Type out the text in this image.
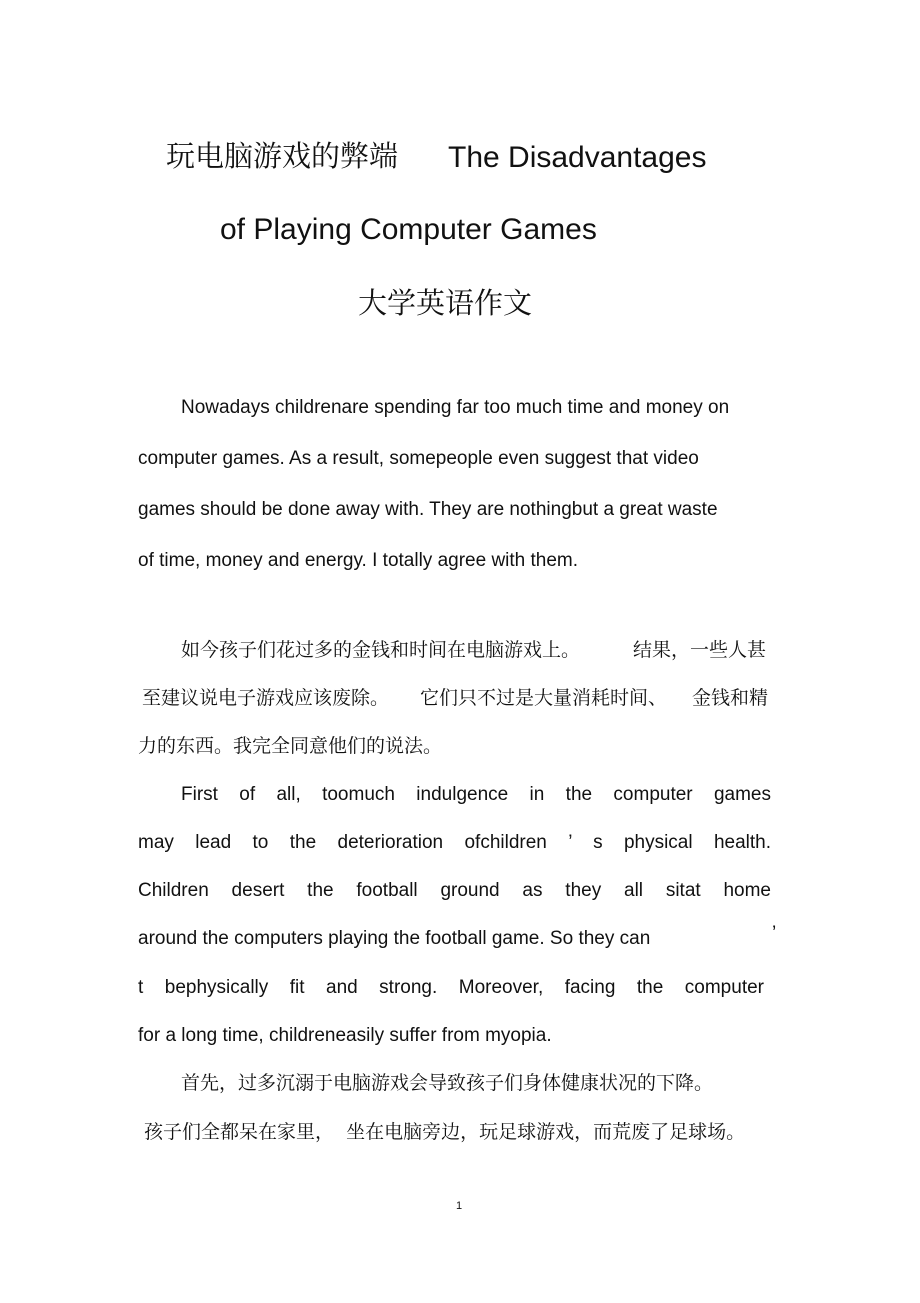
玩电脑游戏的弊端 The Disadvantages
of Playing Computer Games
大学英语作文
Nowadays childrenare spending far too much time and money on
computer games. As a result, somepeople even suggest that video
games should be done away with. They are nothingbut a great waste
of time, money and energy. I totally agree with them.
如今孩子们花过多的金钱和时间在电脑游戏上。	结果，一些人甚
至建议说电子游戏应该废除。 它们只不过是大量消耗时间、 金钱和精
力的东西。我完全同意他们的说法。
First of all, toomuch indulgence in the computer games
may lead to the deterioration ofchildren ’ s physical health.
Children desert the football ground as they all sitat home
around the computers playing the football game. So they can	’
t bephysically fit and strong. Moreover, facing the computer
for a long time, childreneasily suffer from myopia.
首先，过多沉溺于电脑游戏会导致孩子们身体健康状况的下降。
孩子们全都呆在家里，  坐在电脑旁边，玩足球游戏，而荒废了足球场。
1
